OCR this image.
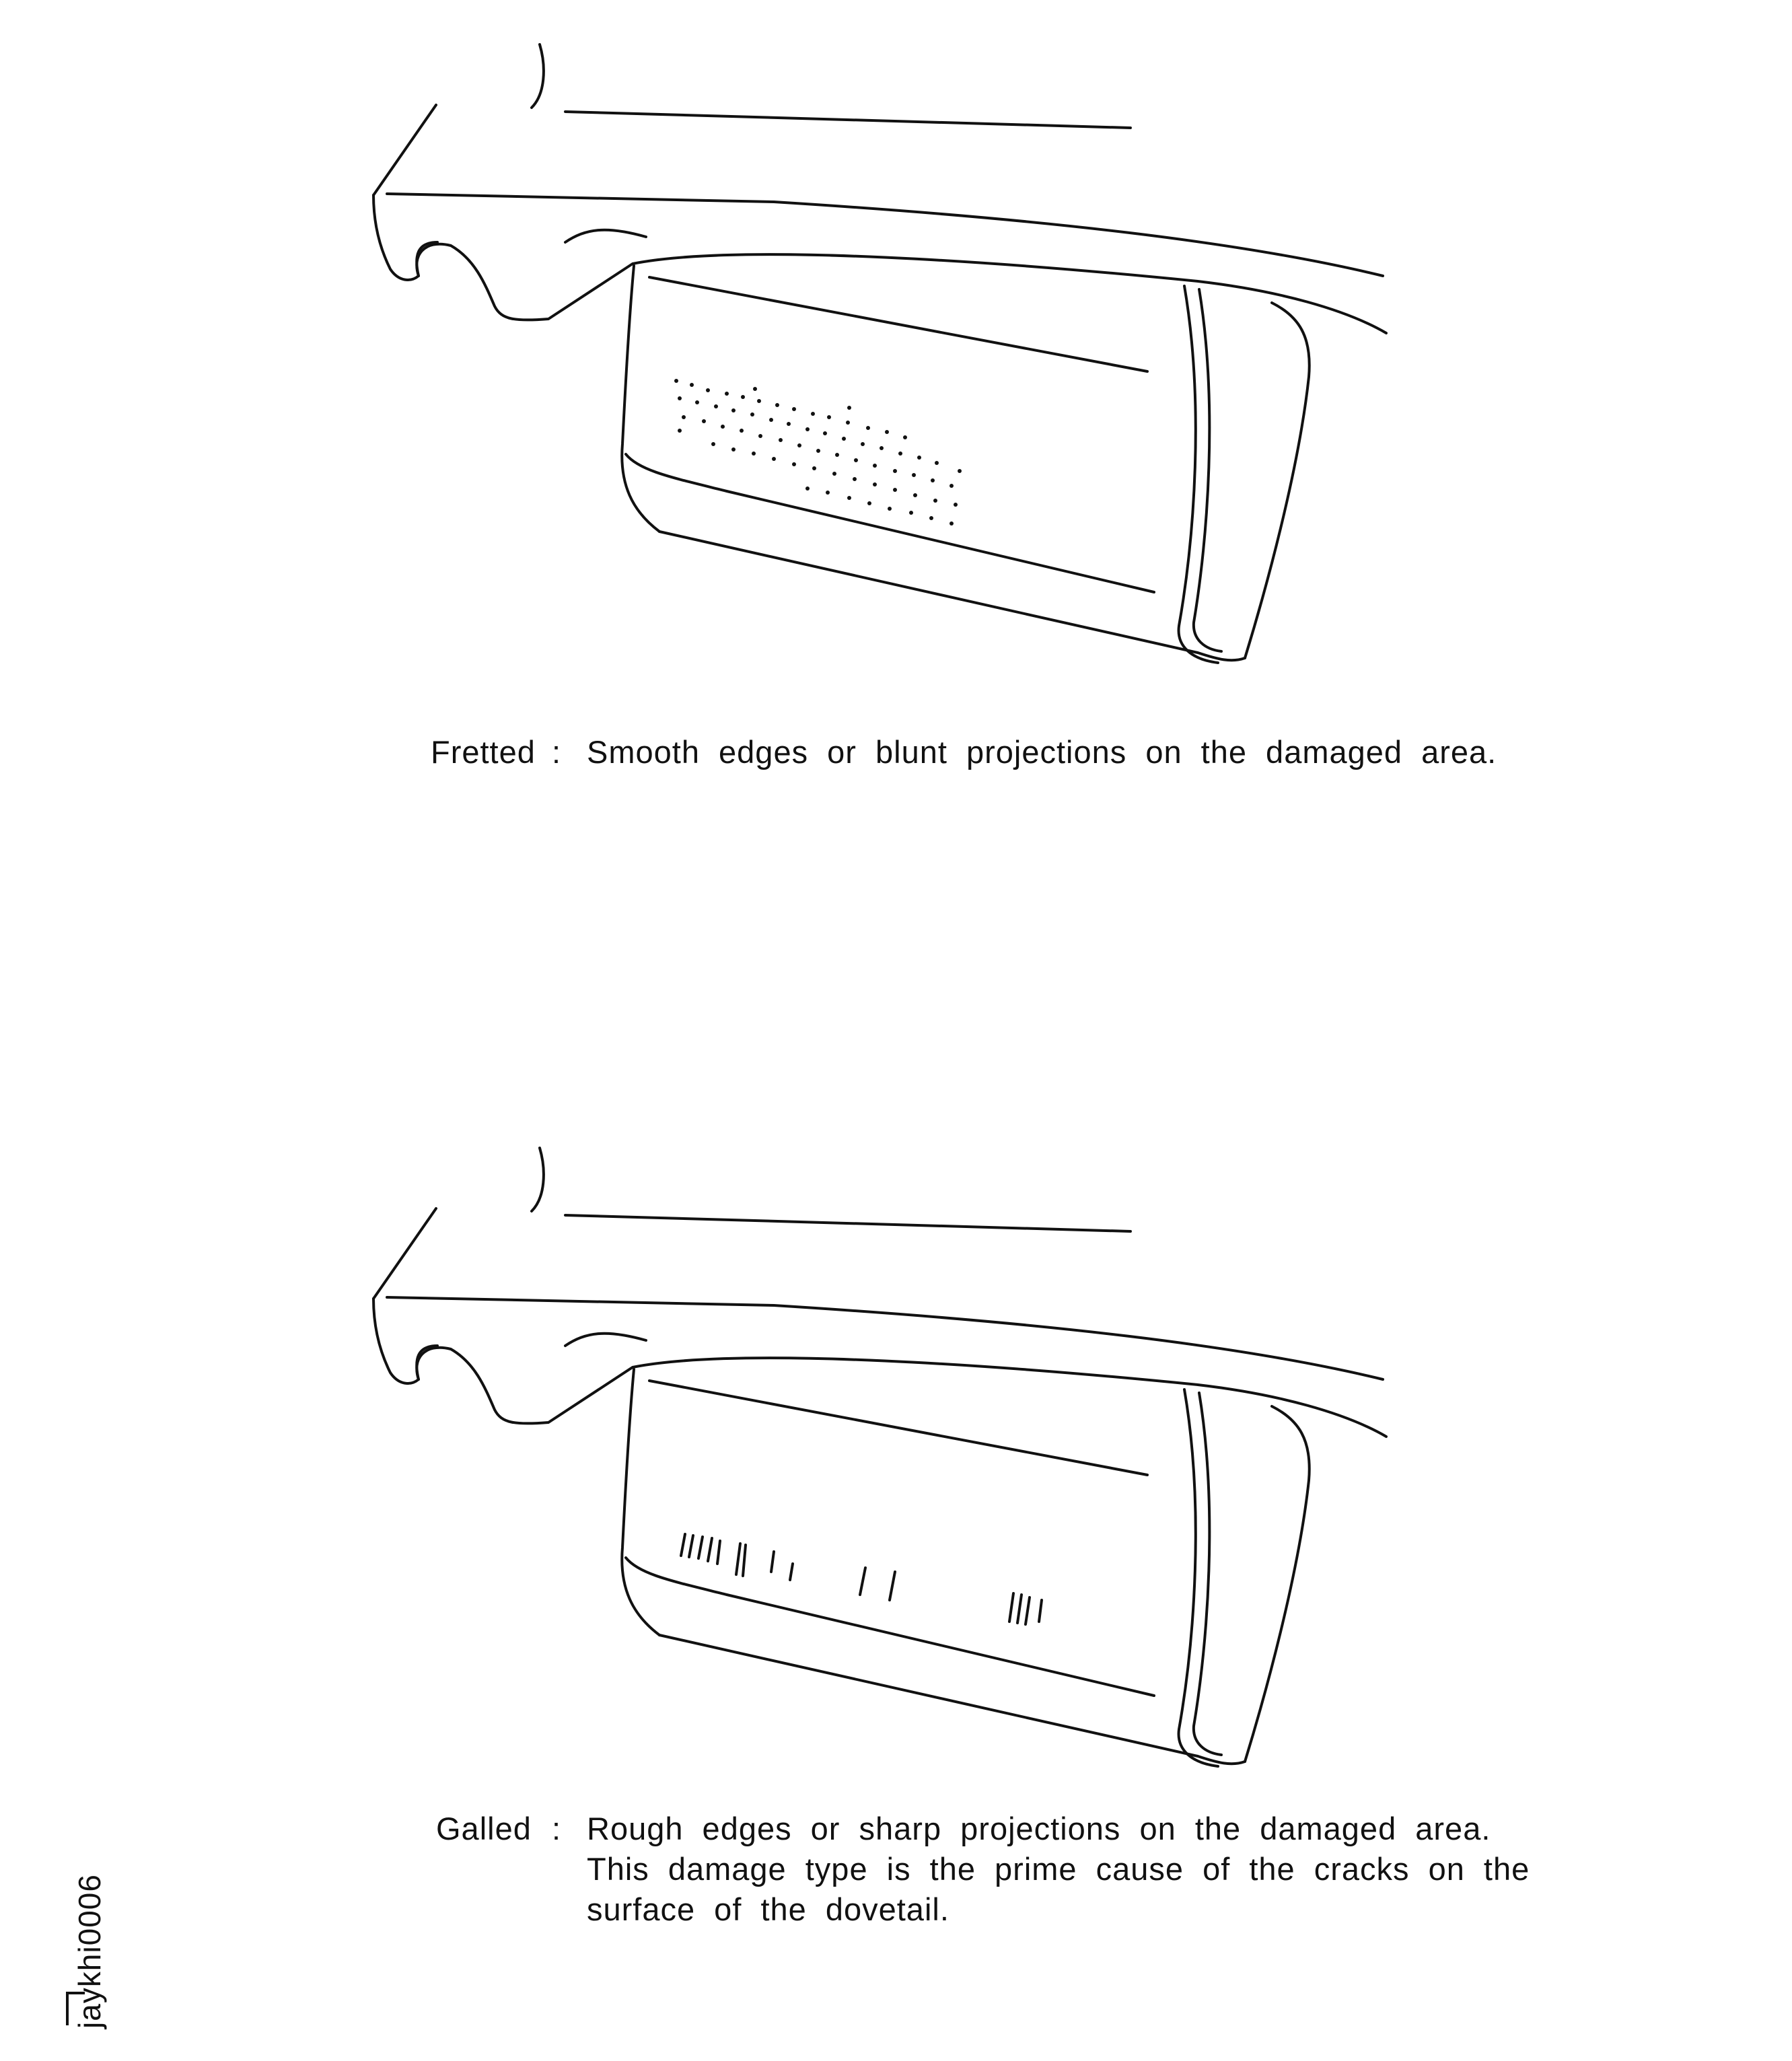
Fretted : Smooth edges or blunt projections on the damaged area.
Galled : Rough edges or sharp projections on the damaged area.
This damage type is the prime cause of the cracks on the
surface of the dovetail.
jaykhi0006
